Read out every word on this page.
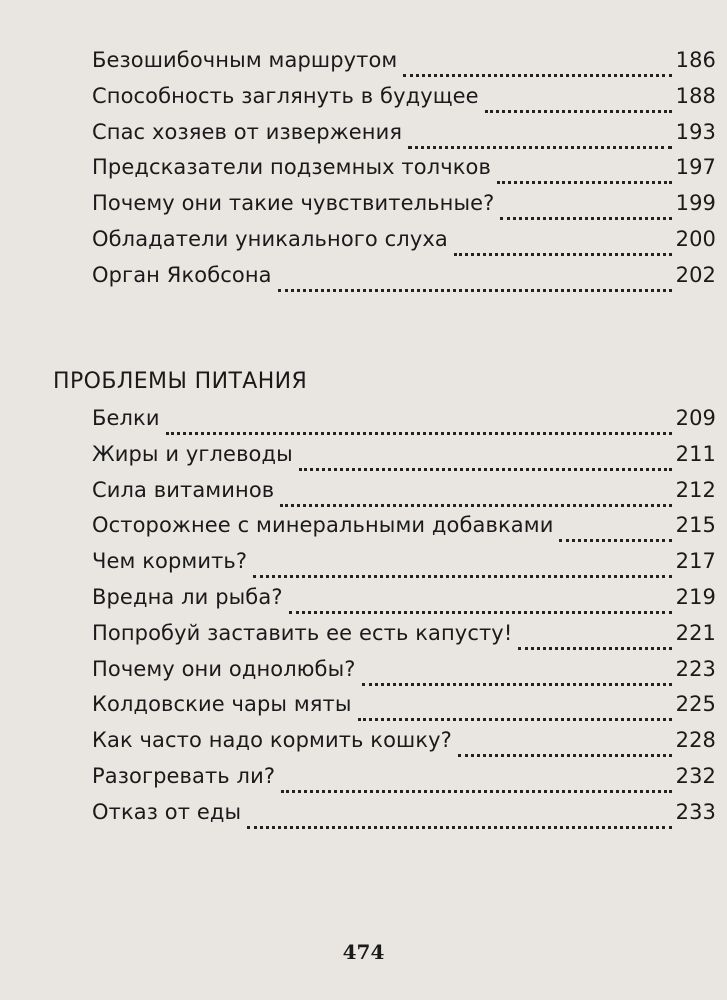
Безошибочным маршрутом	186
Способность заглянуть в будущее	188
Спас хозяев от извержения	193
Предсказатели подземных толчков	197
Почему они такие чувствительные?	199
Обладатели уникального слуха	200
Орган Якобсона	202
ПРОБЛЕМЫ ПИТАНИЯ
Белки	209
Жиры и углеводы	211
Сила витаминов	212
Осторожнее с минеральными добавками	215
Чем кормить?	217
Вредна ли рыба?	219
Попробуй заставить ее есть капусту!	221
Почему они однолюбы?	223
Колдовские чары мяты	225
Как часто надо кормить кошку?	228
Разогревать ли?	232
Отказ от еды	233
474
